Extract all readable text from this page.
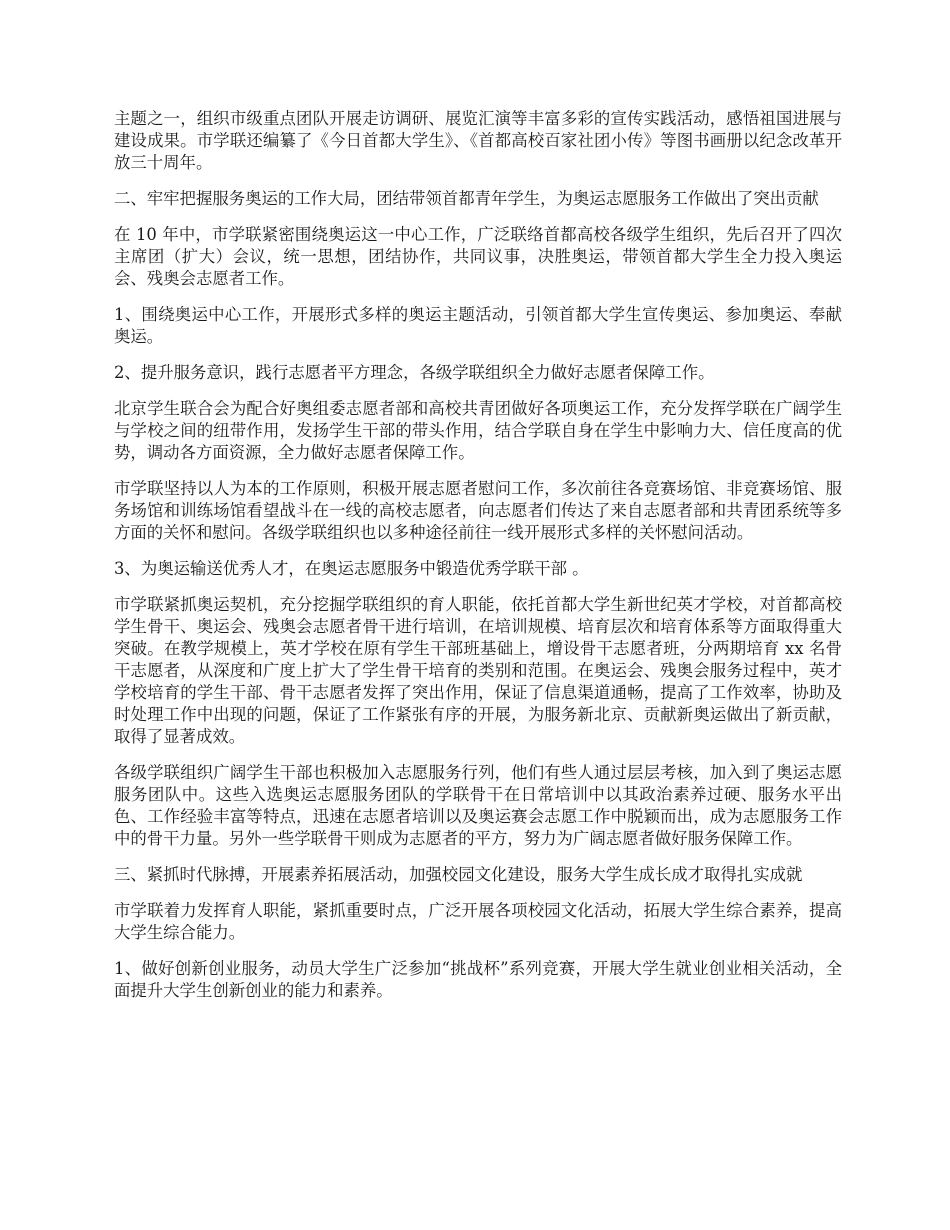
主题之一，组织市级重点团队开展走访调研、展览汇演等丰富多彩的宣传实践活动，感悟祖国进展与建设成果。市学联还编纂了《今日首都大学生》、《首都高校百家社团小传》等图书画册以纪念改革开放三十周年。

二、牢牢把握服务奥运的工作大局，团结带领首都青年学生，为奥运志愿服务工作做出了突出贡献

在 10 年中，市学联紧密围绕奥运这一中心工作，广泛联络首都高校各级学生组织，先后召开了四次主席团（扩大）会议，统一思想，团结协作，共同议事，决胜奥运，带领首都大学生全力投入奥运会、残奥会志愿者工作。

1、围绕奥运中心工作，开展形式多样的奥运主题活动，引领首都大学生宣传奥运、参加奥运、奉献奥运。

2、提升服务意识，践行志愿者平方理念，各级学联组织全力做好志愿者保障工作。

北京学生联合会为配合好奥组委志愿者部和高校共青团做好各项奥运工作，充分发挥学联在广阔学生与学校之间的纽带作用，发扬学生干部的带头作用，结合学联自身在学生中影响力大、信任度高的优势，调动各方面资源，全力做好志愿者保障工作。

市学联坚持以人为本的工作原则，积极开展志愿者慰问工作，多次前往各竞赛场馆、非竞赛场馆、服务场馆和训练场馆看望战斗在一线的高校志愿者，向志愿者们传达了来自志愿者部和共青团系统等多方面的关怀和慰问。各级学联组织也以多种途径前往一线开展形式多样的关怀慰问活动。

3、为奥运输送优秀人才，在奥运志愿服务中锻造优秀学联干部 。

市学联紧抓奥运契机，充分挖掘学联组织的育人职能，依托首都大学生新世纪英才学校，对首都高校学生骨干、奥运会、残奥会志愿者骨干进行培训，在培训规模、培育层次和培育体系等方面取得重大突破。在教学规模上，英才学校在原有学生干部班基础上，增设骨干志愿者班，分两期培育 xx 名骨干志愿者，从深度和广度上扩大了学生骨干培育的类别和范围。在奥运会、残奥会服务过程中，英才学校培育的学生干部、骨干志愿者发挥了突出作用，保证了信息渠道通畅，提高了工作效率，协助及时处理工作中出现的问题，保证了工作紧张有序的开展，为服务新北京、贡献新奥运做出了新贡献，取得了显著成效。

各级学联组织广阔学生干部也积极加入志愿服务行列，他们有些人通过层层考核，加入到了奥运志愿服务团队中。这些入选奥运志愿服务团队的学联骨干在日常培训中以其政治素养过硬、服务水平出色、工作经验丰富等特点，迅速在志愿者培训以及奥运赛会志愿工作中脱颖而出，成为志愿服务工作中的骨干力量。另外一些学联骨干则成为志愿者的平方，努力为广阔志愿者做好服务保障工作。

三、紧抓时代脉搏，开展素养拓展活动，加强校园文化建设，服务大学生成长成才取得扎实成就

市学联着力发挥育人职能，紧抓重要时点，广泛开展各项校园文化活动，拓展大学生综合素养，提高大学生综合能力。

1、做好创新创业服务，动员大学生广泛参加“挑战杯”系列竞赛，开展大学生就业创业相关活动，全面提升大学生创新创业的能力和素养。
